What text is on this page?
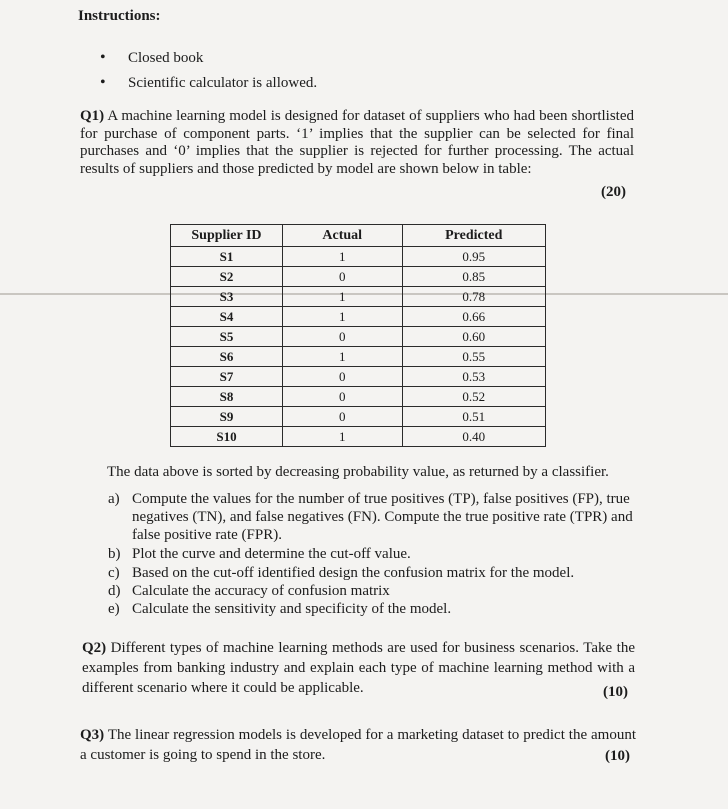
Instructions:
• Closed book
• Scientific calculator is allowed.
Q1) A machine learning model is designed for dataset of suppliers who had been shortlisted for purchase of component parts. ‘1’ implies that the supplier can be selected for final purchases and ‘0’ implies that the supplier is rejected for further processing. The actual results of suppliers and those predicted by model are shown below in table:
(20)
Supplier ID	Actual	Predicted
S1	1	0.95
S2	0	0.85
S3	1	0.78
S4	1	0.66
S5	0	0.60
S6	1	0.55
S7	0	0.53
S8	0	0.52
S9	0	0.51
S10	1	0.40
The data above is sorted by decreasing probability value, as returned by a classifier.
a) Compute the values for the number of true positives (TP), false positives (FP), true negatives (TN), and false negatives (FN). Compute the true positive rate (TPR) and false positive rate (FPR).
b) Plot the curve and determine the cut-off value.
c) Based on the cut-off identified design the confusion matrix for the model.
d) Calculate the accuracy of confusion matrix
e) Calculate the sensitivity and specificity of the model.
Q2) Different types of machine learning methods are used for business scenarios. Take the examples from banking industry and explain each type of machine learning method with a different scenario where it could be applicable.	(10)
Q3) The linear regression models is developed for a marketing dataset to predict the amount a customer is going to spend in the store.	(10)
